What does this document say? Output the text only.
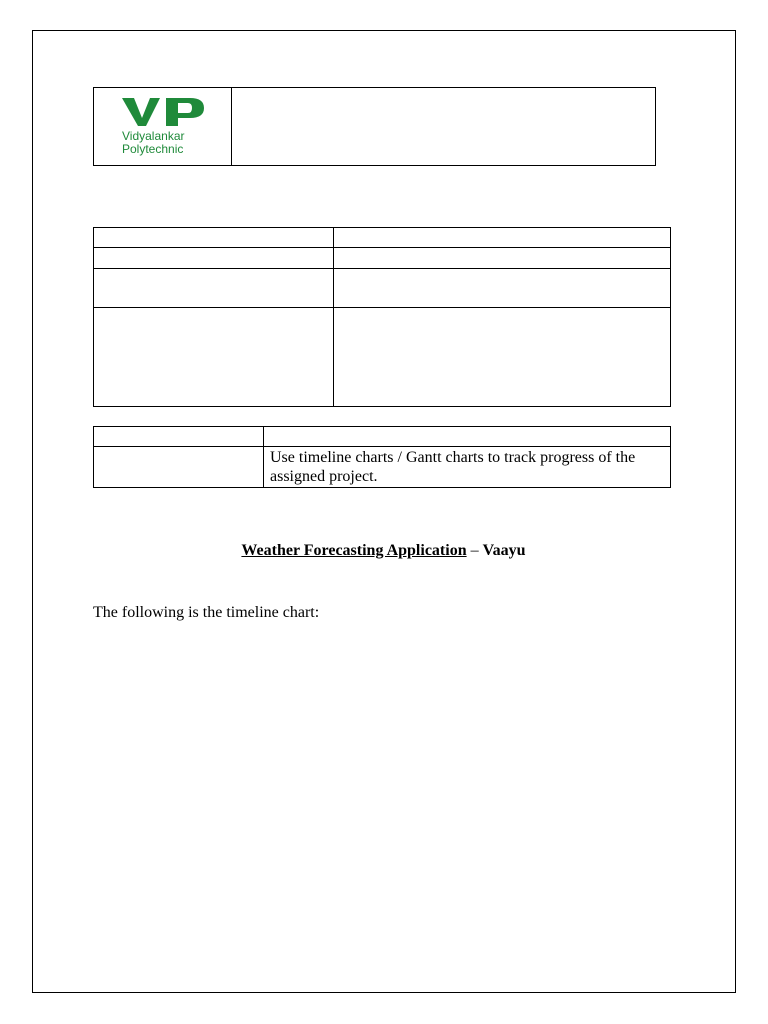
Vidyalankar
Polytechnic

	Use timeline charts / Gantt charts to track progress of the assigned project.
Weather Forecasting Application – Vaayu
The following is the timeline chart:
